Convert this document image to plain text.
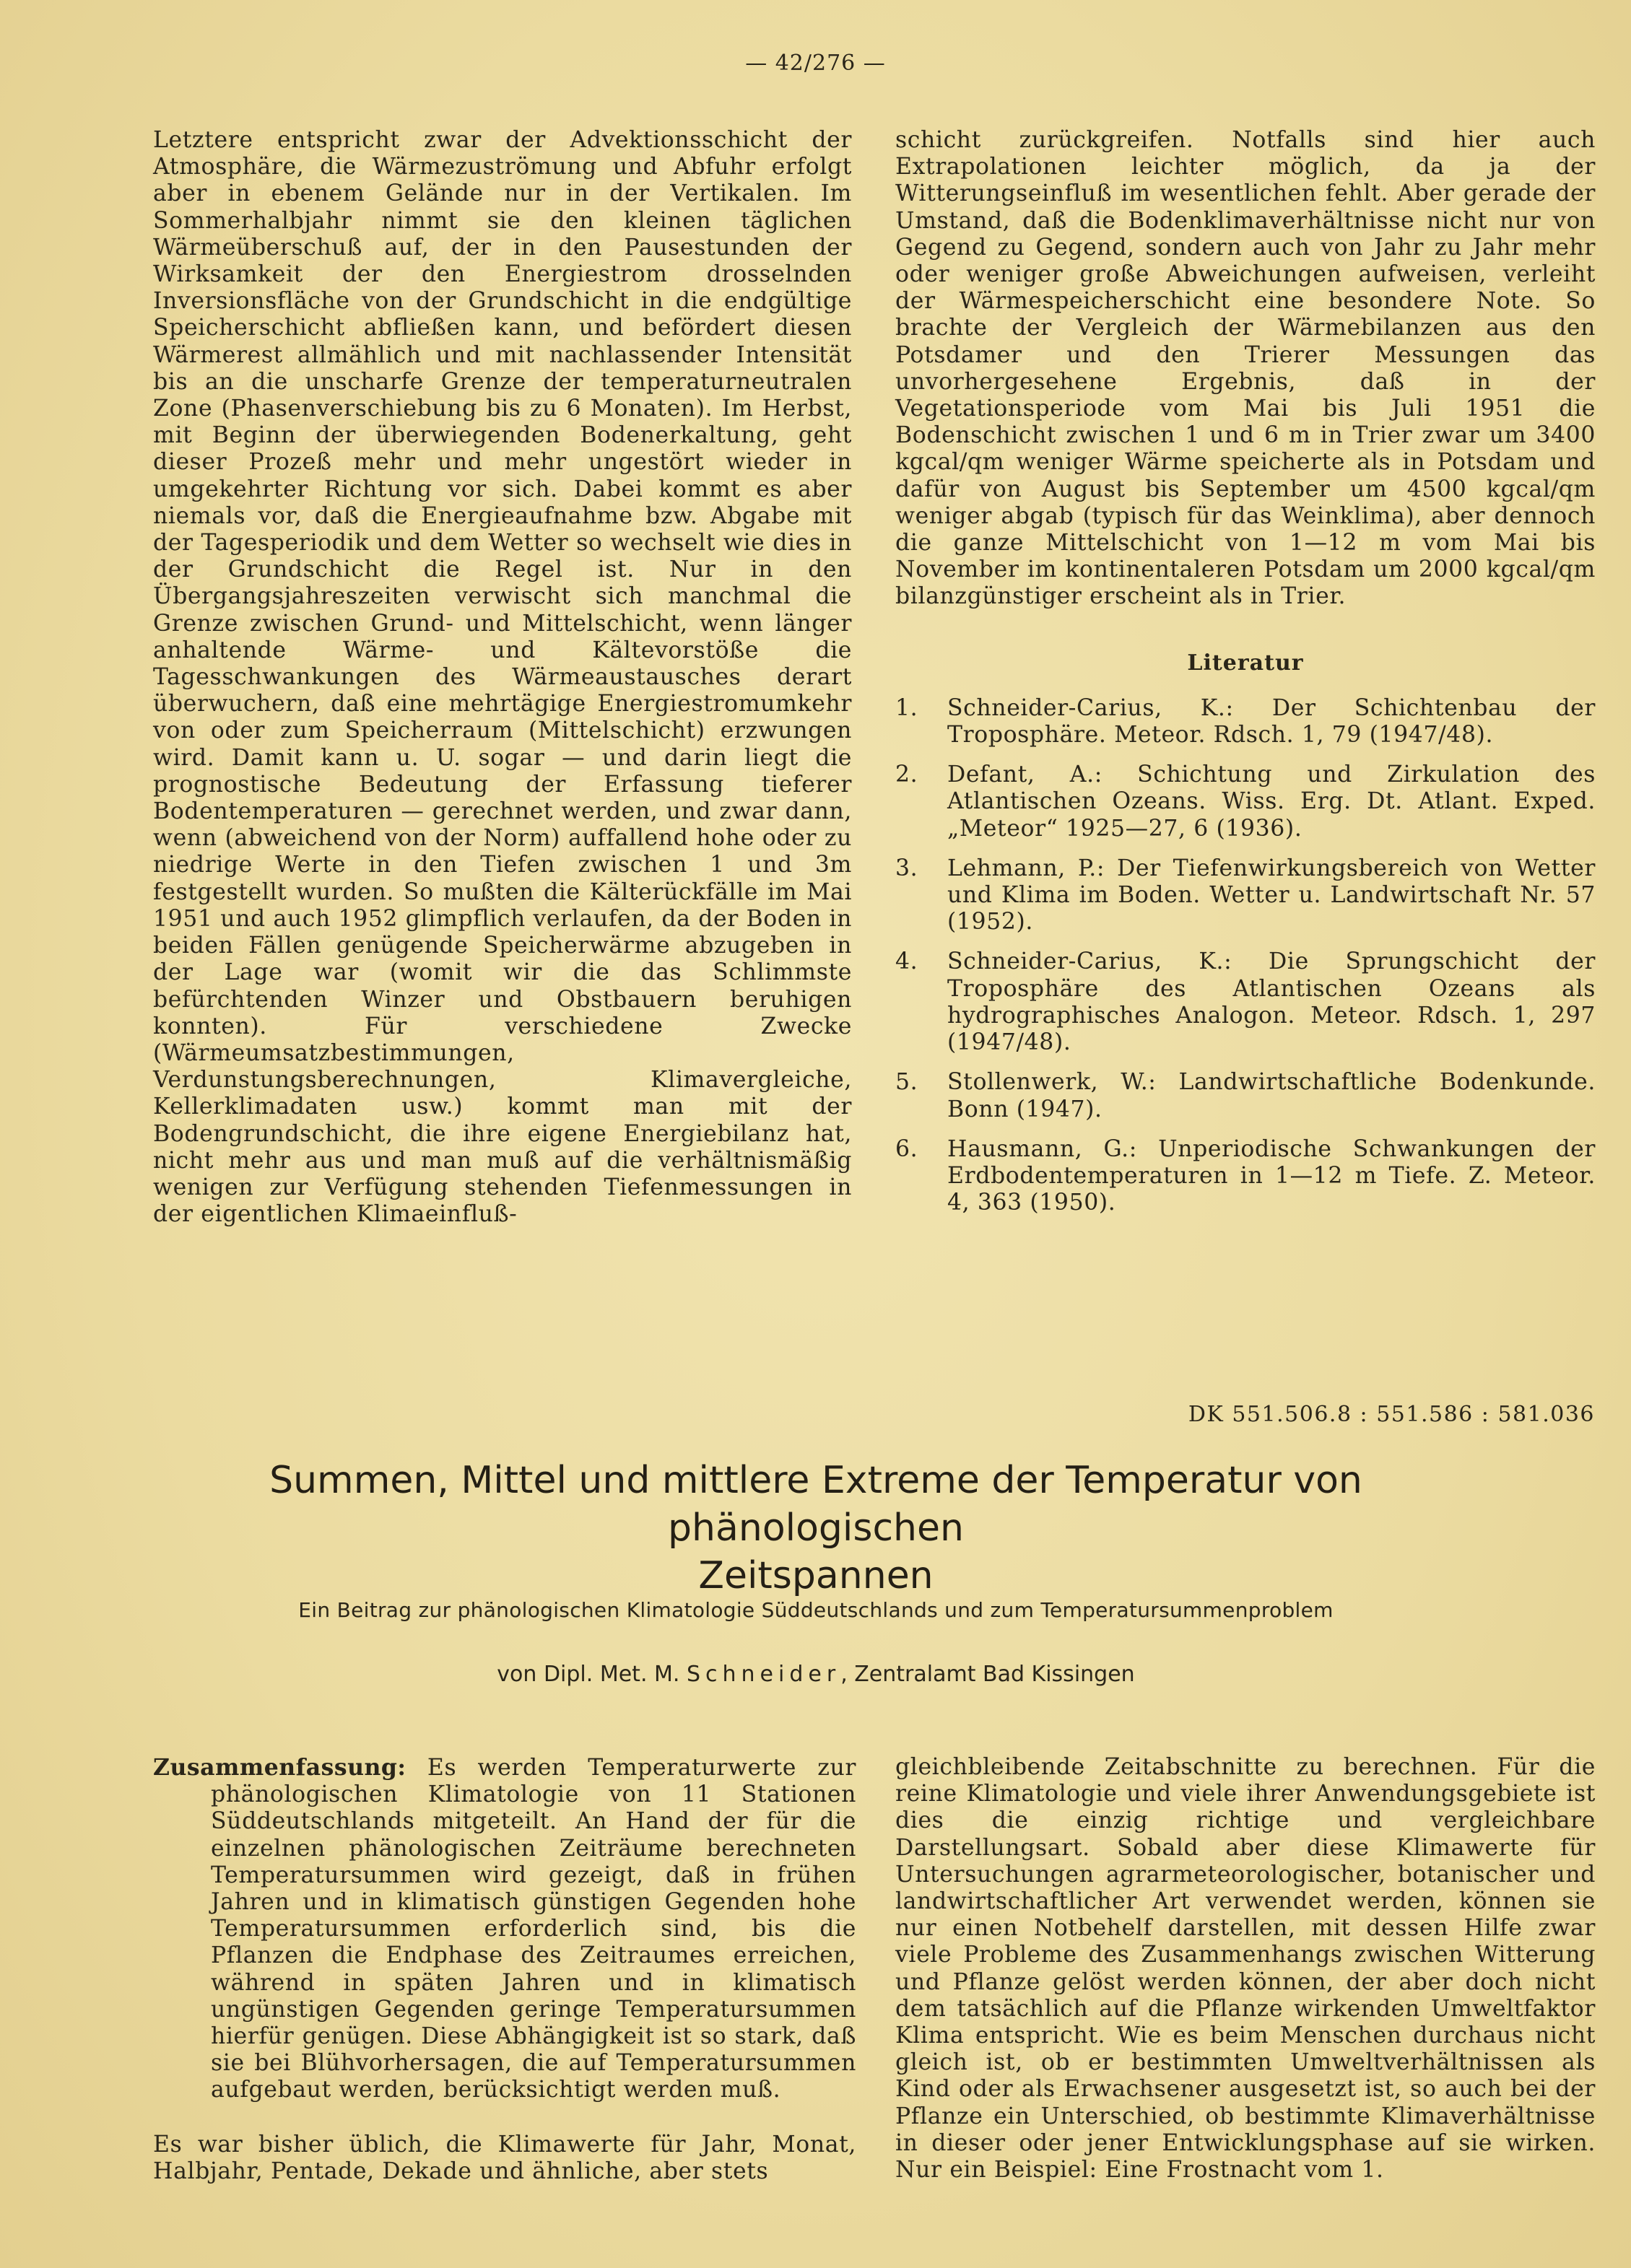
— 42/276 —

Letztere entspricht zwar der Advektionsschicht der Atmosphäre, die Wärmezuströmung und Abfuhr erfolgt aber in ebenem Gelände nur in der Vertikalen. Im Sommerhalbjahr nimmt sie den kleinen täglichen Wärmeüberschuß auf, der in den Pausestunden der Wirksamkeit der den Energiestrom drosselnden Inversionsfläche von der Grundschicht in die endgültige Speicherschicht abfließen kann, und befördert diesen Wärmerest allmählich und mit nachlassender Intensität bis an die unscharfe Grenze der temperaturneutralen Zone (Phasenverschiebung bis zu 6 Monaten). Im Herbst, mit Beginn der überwiegenden Bodenerkaltung, geht dieser Prozeß mehr und mehr ungestört wieder in umgekehrter Richtung vor sich. Dabei kommt es aber niemals vor, daß die Energieaufnahme bzw. Abgabe mit der Tagesperiodik und dem Wetter so wechselt wie dies in der Grundschicht die Regel ist. Nur in den Übergangsjahreszeiten verwischt sich manchmal die Grenze zwischen Grund- und Mittelschicht, wenn länger anhaltende Wärme- und Kältevorstöße die Tagesschwankungen des Wärmeaustausches derart überwuchern, daß eine mehrtägige Energiestromumkehr von oder zum Speicherraum (Mittelschicht) erzwungen wird. Damit kann u. U. sogar — und darin liegt die prognostische Bedeutung der Erfassung tieferer Bodentemperaturen — gerechnet werden, und zwar dann, wenn (abweichend von der Norm) auffallend hohe oder zu niedrige Werte in den Tiefen zwischen 1 und 3m festgestellt wurden. So mußten die Kälterückfälle im Mai 1951 und auch 1952 glimpflich verlaufen, da der Boden in beiden Fällen genügende Speicherwärme abzugeben in der Lage war (womit wir die das Schlimmste befürchtenden Winzer und Obstbauern beruhigen konnten). Für verschiedene Zwecke (Wärmeumsatzbestimmungen, Verdunstungsberechnungen, Klimavergleiche, Kellerklimadaten usw.) kommt man mit der Bodengrundschicht, die ihre eigene Energiebilanz hat, nicht mehr aus und man muß auf die verhältnismäßig wenigen zur Verfügung stehenden Tiefenmessungen in der eigentlichen Klimaeinfluß-

schicht zurückgreifen. Notfalls sind hier auch Extrapolationen leichter möglich, da ja der Witterungseinfluß im wesentlichen fehlt. Aber gerade der Umstand, daß die Bodenklimaverhältnisse nicht nur von Gegend zu Gegend, sondern auch von Jahr zu Jahr mehr oder weniger große Abweichungen aufweisen, verleiht der Wärmespeicherschicht eine besondere Note. So brachte der Vergleich der Wärmebilanzen aus den Potsdamer und den Trierer Messungen das unvorhergesehene Ergebnis, daß in der Vegetationsperiode vom Mai bis Juli 1951 die Bodenschicht zwischen 1 und 6 m in Trier zwar um 3400 kgcal/qm weniger Wärme speicherte als in Potsdam und dafür von August bis September um 4500 kgcal/qm weniger abgab (typisch für das Weinklima), aber dennoch die ganze Mittelschicht von 1—12 m vom Mai bis November im kontinentaleren Potsdam um 2000 kgcal/qm bilanzgünstiger erscheint als in Trier.

Literatur
1.	Schneider-Carius, K.: Der Schichtenbau der Troposphäre. Meteor. Rdsch. 1, 79 (1947/48).
2.	Defant, A.: Schichtung und Zirkulation des Atlantischen Ozeans. Wiss. Erg. Dt. Atlant. Exped. „Meteor“ 1925—27, 6 (1936).
3.	Lehmann, P.: Der Tiefenwirkungsbereich von Wetter und Klima im Boden. Wetter u. Landwirtschaft Nr. 57 (1952).
4.	Schneider-Carius, K.: Die Sprungschicht der Troposphäre des Atlantischen Ozeans als hydrographisches Analogon. Meteor. Rdsch. 1, 297 (1947/48).
5.	Stollenwerk, W.: Landwirtschaftliche Bodenkunde. Bonn (1947).
6.	Hausmann, G.: Unperiodische Schwankungen der Erdbodentemperaturen in 1—12 m Tiefe. Z. Meteor. 4, 363 (1950).
DK 551.506.8 : 551.586 : 581.036
Summen, Mittel und mittlere Extreme der Temperatur von phänologischen
Zeitspannen
Ein Beitrag zur phänologischen Klimatologie Süddeutschlands und zum Temperatursummenproblem
von Dipl. Met. M. Schneider, Zentralamt Bad Kissingen

Zusammenfassung: Es werden Temperaturwerte zur phänologischen Klimatologie von 11 Stationen Süddeutschlands mitgeteilt. An Hand der für die einzelnen phänologischen Zeiträume berechneten Temperatursummen wird gezeigt, daß in frühen Jahren und in klimatisch günstigen Gegenden hohe Temperatursummen erforderlich sind, bis die Pflanzen die Endphase des Zeitraumes erreichen, während in späten Jahren und in klimatisch ungünstigen Gegenden geringe Temperatursummen hierfür genügen. Diese Abhängigkeit ist so stark, daß sie bei Blühvorhersagen, die auf Temperatursummen aufgebaut werden, berücksichtigt werden muß.

Es war bisher üblich, die Klimawerte für Jahr, Monat, Halbjahr, Pentade, Dekade und ähnliche, aber stets

gleichbleibende Zeitabschnitte zu berechnen. Für die reine Klimatologie und viele ihrer Anwendungsgebiete ist dies die einzig richtige und vergleichbare Darstellungsart. Sobald aber diese Klimawerte für Untersuchungen agrarmeteorologischer, botanischer und landwirtschaftlicher Art verwendet werden, können sie nur einen Notbehelf darstellen, mit dessen Hilfe zwar viele Probleme des Zusammenhangs zwischen Witterung und Pflanze gelöst werden können, der aber doch nicht dem tatsächlich auf die Pflanze wirkenden Umweltfaktor Klima entspricht. Wie es beim Menschen durchaus nicht gleich ist, ob er bestimmten Umweltverhältnissen als Kind oder als Erwachsener ausgesetzt ist, so auch bei der Pflanze ein Unterschied, ob bestimmte Klimaverhältnisse in dieser oder jener Entwicklungsphase auf sie wirken. Nur ein Beispiel: Eine Frostnacht vom 1.
